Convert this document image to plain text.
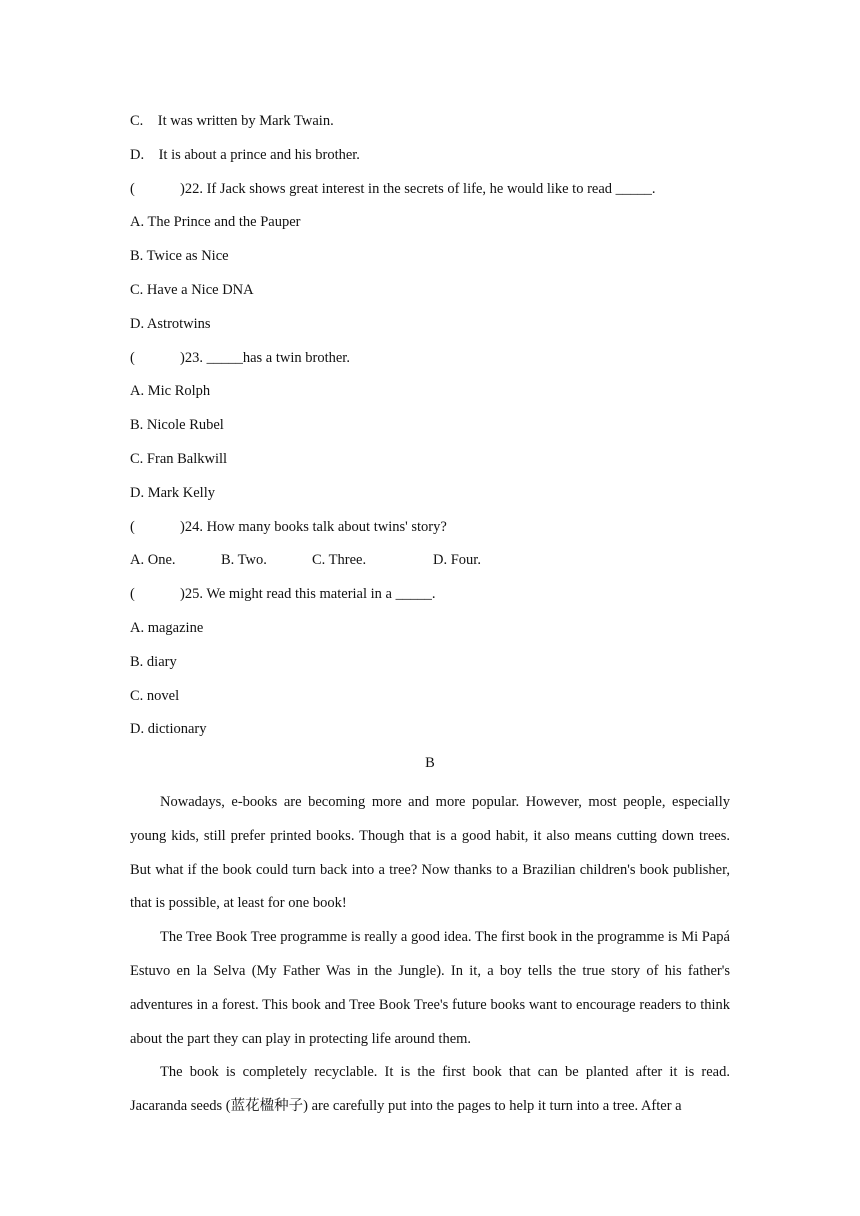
C.    It was written by Mark Twain.
D.    It is about a prince and his brother.
(	)22. If Jack shows great interest in the secrets of life, he would like to read _____.
A. The Prince and the Pauper
B. Twice as Nice
C. Have a Nice DNA
D. Astrotwins
(	)23. _____has a twin brother.
A. Mic Rolph
B. Nicole Rubel
C. Fran Balkwill
D. Mark Kelly
(	)24. How many books talk about twins' story?
A. One.	B. Two.	C. Three.	D. Four.
(	)25. We might read this material in a _____.
A. magazine
B. diary
C. novel
D. dictionary
B

Nowadays, e-books are becoming more and more popular. However, most people, especially young kids, still prefer printed books. Though that is a good habit, it also means cutting down trees. But what if the book could turn back into a tree? Now thanks to a Brazilian children's book publisher, that is possible, at least for one book!

The Tree Book Tree programme is really a good idea. The first book in the programme is Mi Papá Estuvo en la Selva (My Father Was in the Jungle). In it, a boy tells the true story of his father's adventures in a forest. This book and Tree Book Tree's future books want to encourage readers to think about the part they can play in protecting life around them.

The book is completely recyclable. It is the first book that can be planted after it is read. Jacaranda seeds (蓝花楹种子) are carefully put into the pages to help it turn into a tree. After a
